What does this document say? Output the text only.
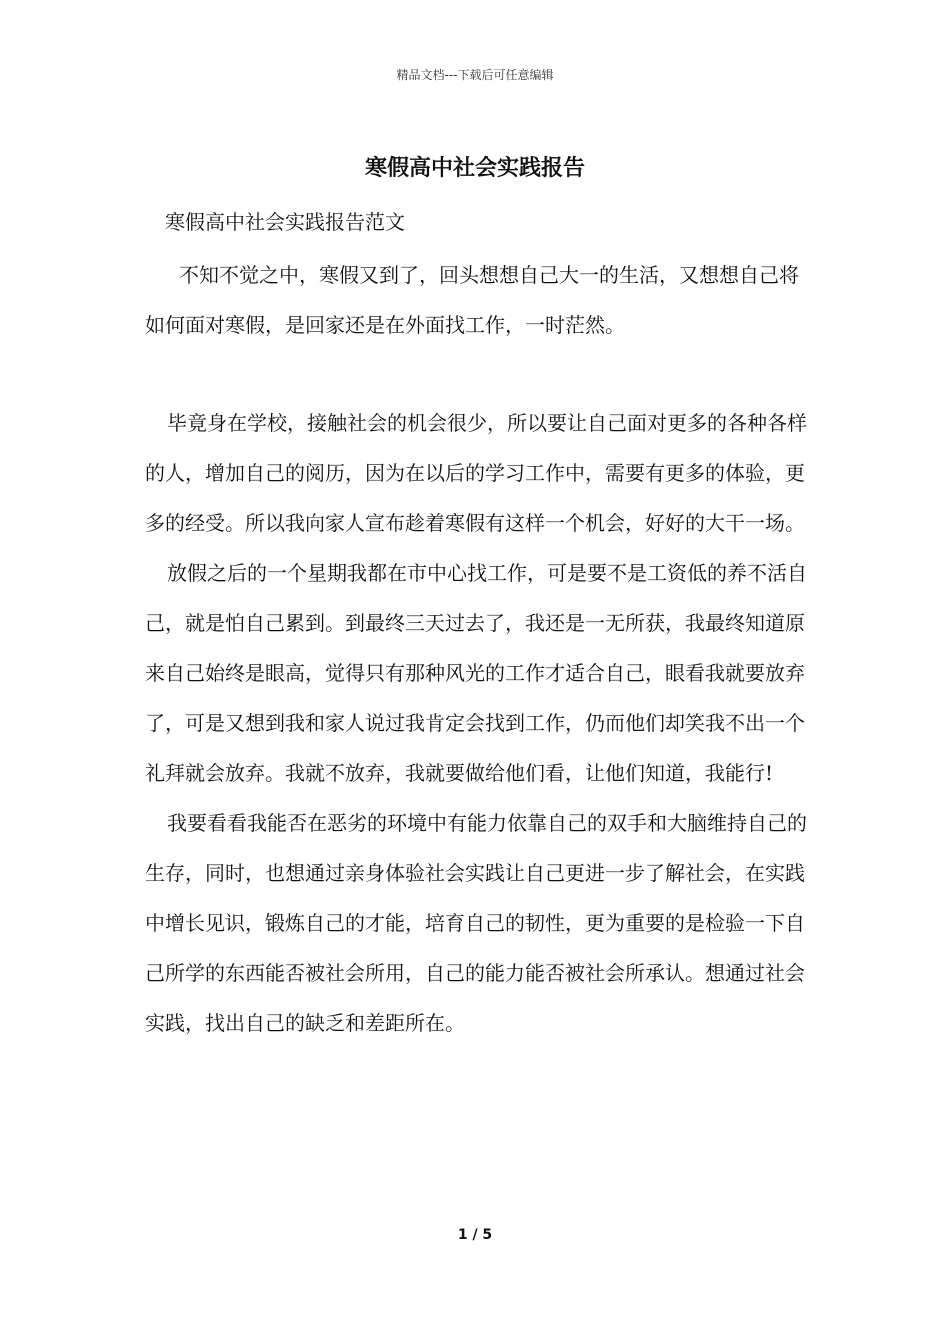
精品文档---下载后可任意编辑
寒假高中社会实践报告
寒假高中社会实践报告范文

不知不觉之中，寒假又到了，回头想想自己大一的生活，又想想自己将如何面对寒假，是回家还是在外面找工作，一时茫然。

毕竟身在学校，接触社会的机会很少，所以要让自己面对更多的各种各样的人，增加自己的阅历，因为在以后的学习工作中，需要有更多的体验，更多的经受。所以我向家人宣布趁着寒假有这样一个机会，好好的大干一场。

放假之后的一个星期我都在市中心找工作，可是要不是工资低的养不活自己，就是怕自己累到。到最终三天过去了，我还是一无所获，我最终知道原来自己始终是眼高，觉得只有那种风光的工作才适合自己，眼看我就要放弃了，可是又想到我和家人说过我肯定会找到工作，仍而他们却笑我不出一个礼拜就会放弃。我就不放弃，我就要做给他们看，让他们知道，我能行!

我要看看我能否在恶劣的环境中有能力依靠自己的双手和大脑维持自己的生存，同时，也想通过亲身体验社会实践让自己更进一步了解社会，在实践中增长见识，锻炼自己的才能，培育自己的韧性，更为重要的是检验一下自己所学的东西能否被社会所用，自己的能力能否被社会所承认。想通过社会实践，找出自己的缺乏和差距所在。

1 / 5
